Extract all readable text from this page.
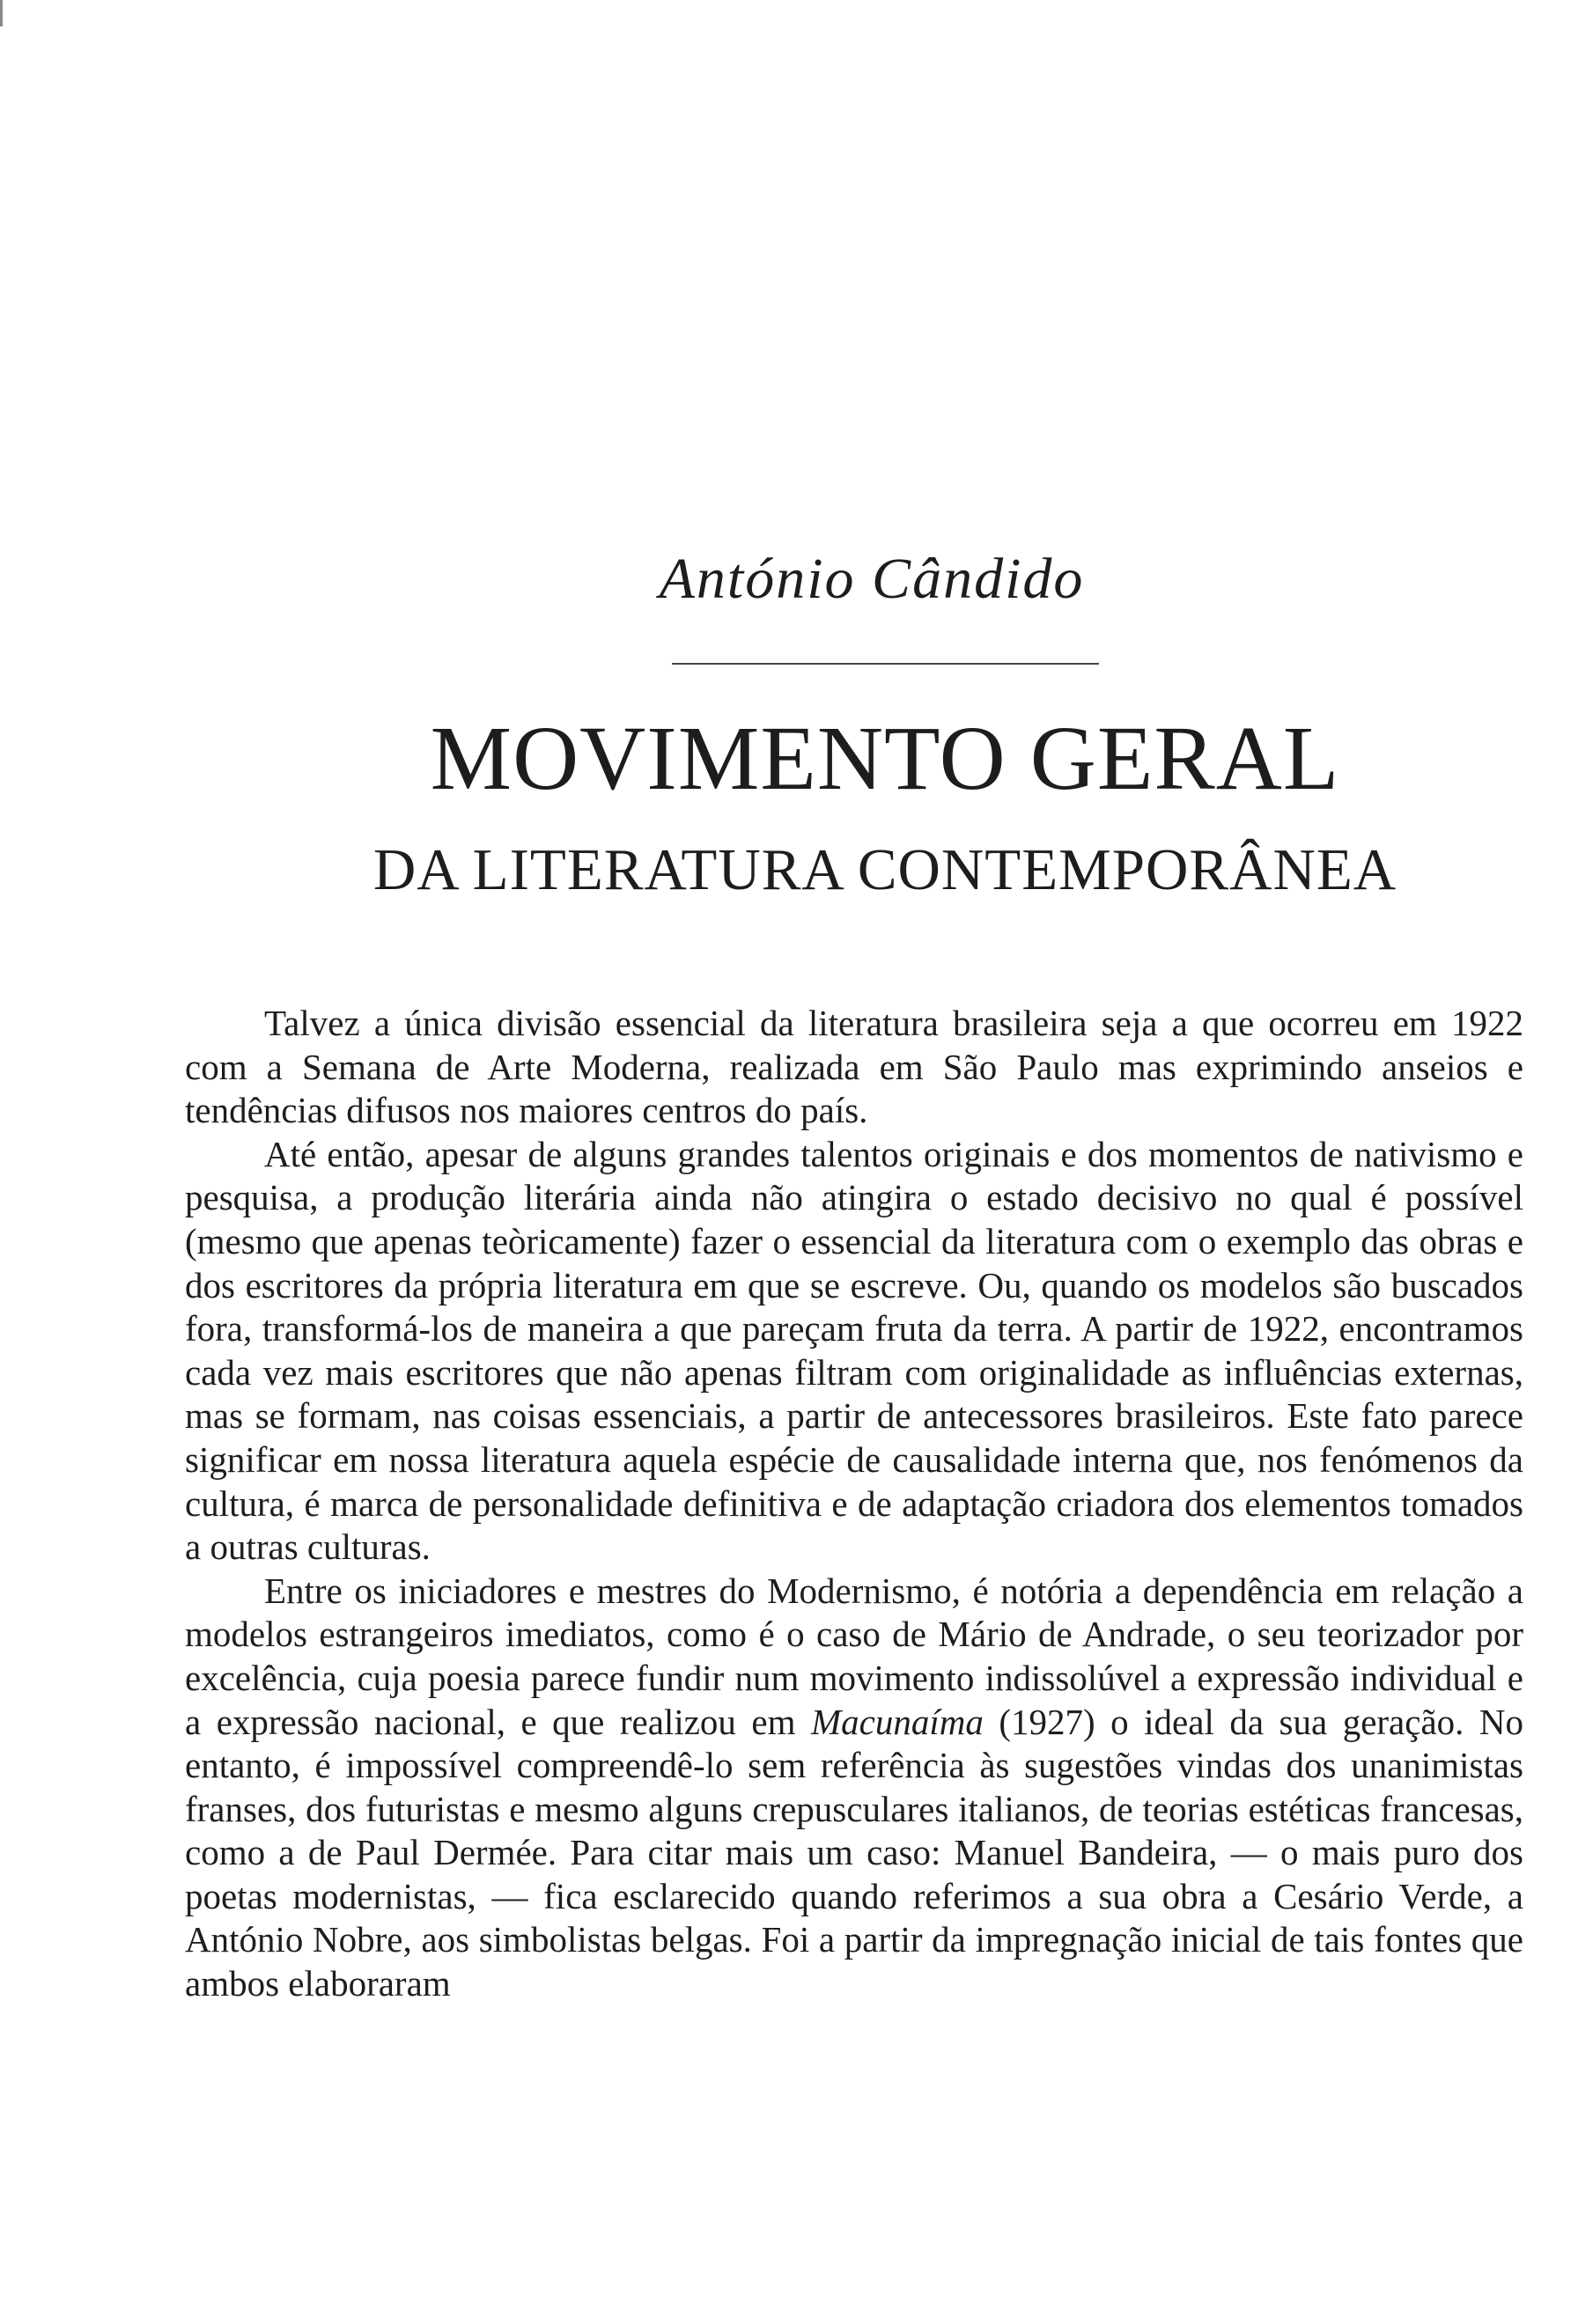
António Cândido
MOVIMENTO GERAL
DA LITERATURA CONTEMPORÂNEA

Talvez a única divisão essencial da literatura brasileira seja a que ocorreu em 1922 com a Semana de Arte Moderna, realizada em São Paulo mas exprimindo anseios e tendências difusos nos maiores centros do país.

Até então, apesar de alguns grandes talentos originais e dos momentos de nativismo e pesquisa, a produção literária ainda não atingira o estado decisivo no qual é possível (mesmo que apenas teòricamente) fazer o essencial da literatura com o exemplo das obras e dos escritores da própria literatura em que se escreve. Ou, quando os modelos são buscados fora, transformá-los de maneira a que pareçam fruta da terra. A partir de 1922, encontramos cada vez mais escritores que não apenas filtram com originalidade as influências externas, mas se formam, nas coisas essenciais, a partir de antecessores brasileiros. Este fato parece significar em nossa literatura aquela espécie de causalidade interna que, nos fenómenos da cultura, é marca de personalidade definitiva e de adaptação criadora dos elementos tomados a outras culturas.

Entre os iniciadores e mestres do Modernismo, é notória a dependência em relação a modelos estrangeiros imediatos, como é o caso de Mário de Andrade, o seu teorizador por excelência, cuja poesia parece fundir num movimento indissolúvel a expressão individual e a expressão nacional, e que realizou em Macunaíma (1927) o ideal da sua geração. No entanto, é impossível compreendê-lo sem referência às sugestões vindas dos unanimistas franses, dos futuristas e mesmo alguns crepusculares italianos, de teorias estéticas francesas, como a de Paul Dermée. Para citar mais um caso: Manuel Bandeira, — o mais puro dos poetas modernistas, — fica esclarecido quando referimos a sua obra a Cesário Verde, a António Nobre, aos simbolistas belgas. Foi a partir da impregnação inicial de tais fontes que ambos elaboraram
